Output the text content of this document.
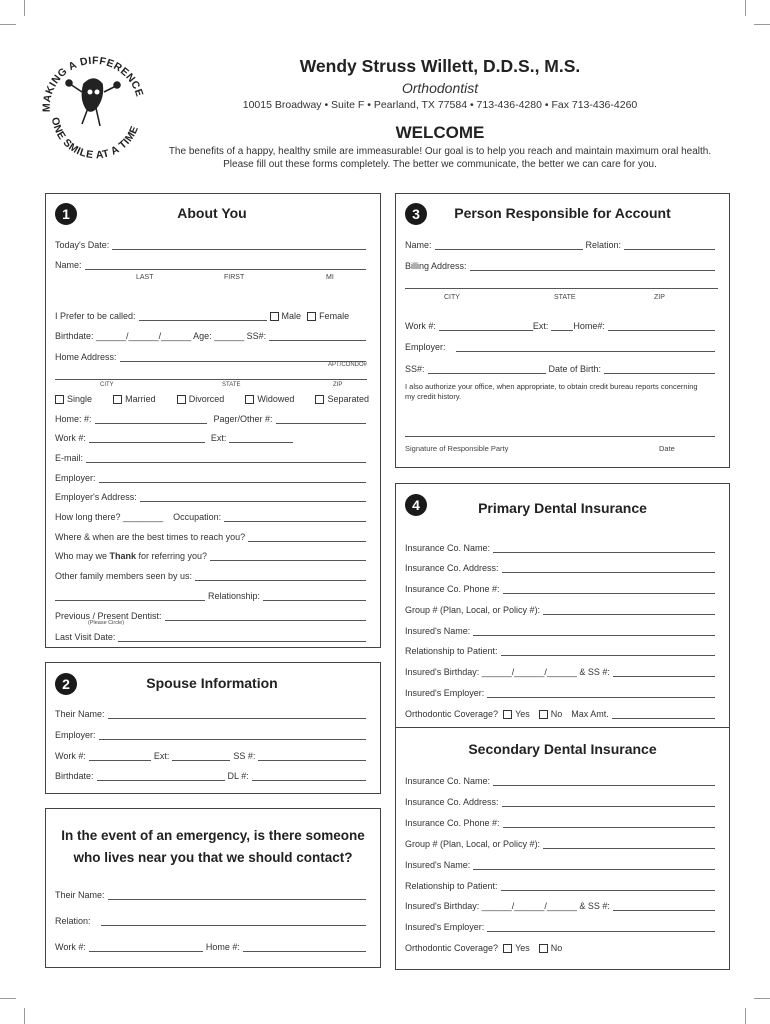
MAKING A DIFFERENCE
ONE SMILE AT A TIME
Wendy Struss Willett, D.D.S., M.S.
Orthodontist
10015 Broadway • Suite F • Pearland, TX 77584 • 713-436-4280 • Fax 713-436-4260
WELCOME
The benefits of a happy, healthy smile are immeasurable! Our goal is to help you reach and maintain maximum oral health. Please fill out these forms completely. The better we communicate, the better we can care for you.
1	About You
Today's Date:
Name:
LAST	FIRST	MI
I Prefer to be called:	Male Female
Birthdate: ______/______/______ Age: ______ SS#:
Home Address:
APT/CONDO#
CITY	STATE	ZIP
Single	Married	Divorced	Widowed	Separated
Home: #:	Pager/Other #:
Work #:	Ext:
E-mail:
Employer:
Employer's Address:
How long there? ________ Occupation:
Where & when are the best times to reach you?
Who may we Thank for referring you?
Other family members seen by us:
Relationship:
Previous / Present Dentist:
(Please Circle)
Last Visit Date:
2	Spouse Information
Their Name:
Employer:
Work #:	Ext:	SS #:
Birthdate:	DL #:
In the event of an emergency, is there someone
who lives near you that we should contact?
Their Name:
Relation:
Work #:	Home #:
3	Person Responsible for Account
Name:	Relation:
Billing Address:
CITY	STATE	ZIP
Work #:	Ext:	Home#:
Employer:
SS#:	Date of Birth:
I also authorize your office, when appropriate, to obtain credit bureau reports concerning my credit history.
Signature of Responsible Party	Date
4	Primary Dental Insurance
Insurance Co. Name:
Insurance Co. Address:
Insurance Co. Phone #:
Group # (Plan, Local, or Policy #):
Insured's Name:
Relationship to Patient:
Insured's Birthday: ______/______/______ & SS #:
Insured's Employer:
Orthodontic Coverage? Yes No Max Amt.
Secondary Dental Insurance
Insurance Co. Name:
Insurance Co. Address:
Insurance Co. Phone #:
Group # (Plan, Local, or Policy #):
Insured's Name:
Relationship to Patient:
Insured's Birthday: ______/______/______ & SS #:
Insured's Employer:
Orthodontic Coverage? Yes No
